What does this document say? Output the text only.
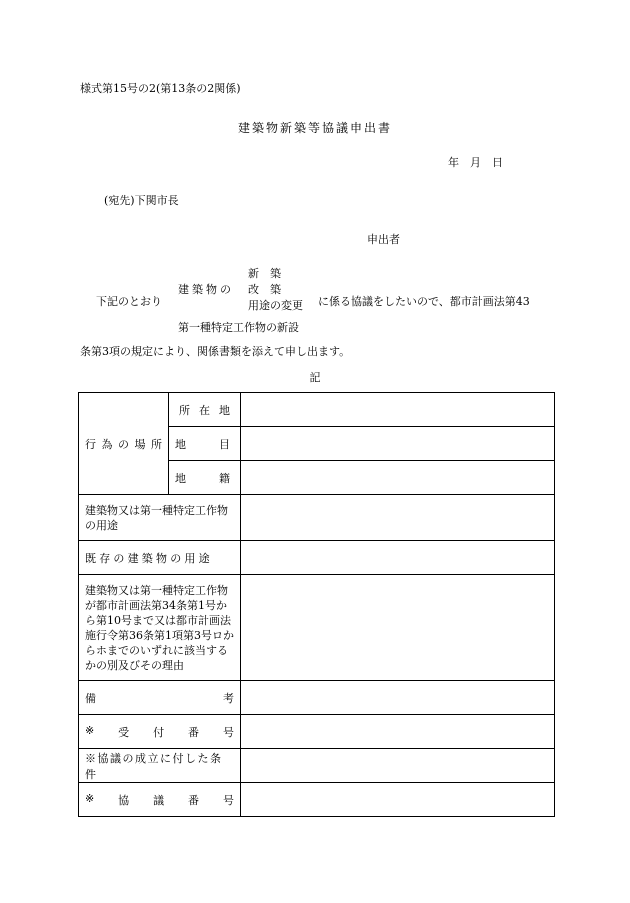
様式第15号の2(第13条の2関係)
建築物新築等協議申出書
年　月　日
(宛先)下関市長
申出者
下記のとおり
建築物の
新　築
改　築
用途の変更
第一種特定工作物の新設
に係る協議をしたいので、都市計画法第43
条第3項の規定により、関係書類を添えて申し出ます。
記
行 為 の 場 所	所 在 地	

	地 目	

	地 籍	

建築物又は第一種特定工作物の用途		

既存の建築物の用途		

建築物又は第一種特定工作物が都市計画法第34条第1号から第10号まで又は都市計画法施行令第36条第1項第3号ロからホまでのいずれに該当するかの別及びその理由		

備 考		

※ 受 付 番 号		

※協議の成立に付した条件		

※ 協 議 番 号		
